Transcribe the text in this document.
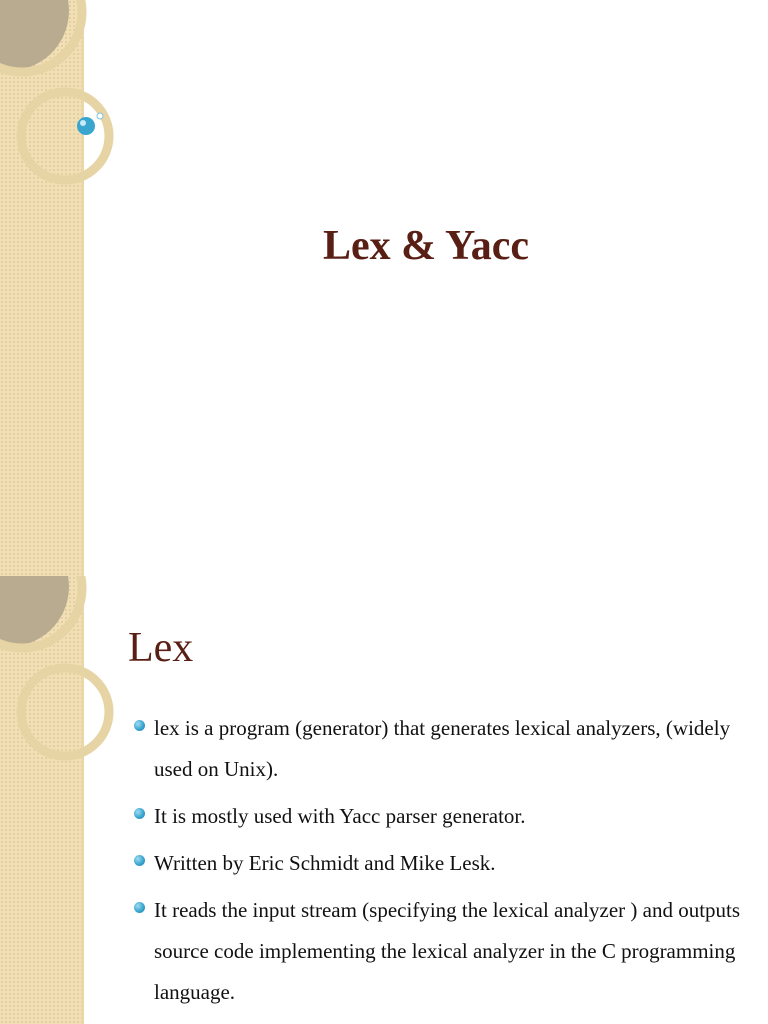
Lex & Yacc
Lex
lex is a program (generator) that generates lexical analyzers, (widely used on Unix).
It is mostly used with Yacc parser generator.
Written by Eric Schmidt and Mike Lesk.
It reads the input stream (specifying the lexical analyzer ) and outputs source code implementing the lexical analyzer in the C programming language.
